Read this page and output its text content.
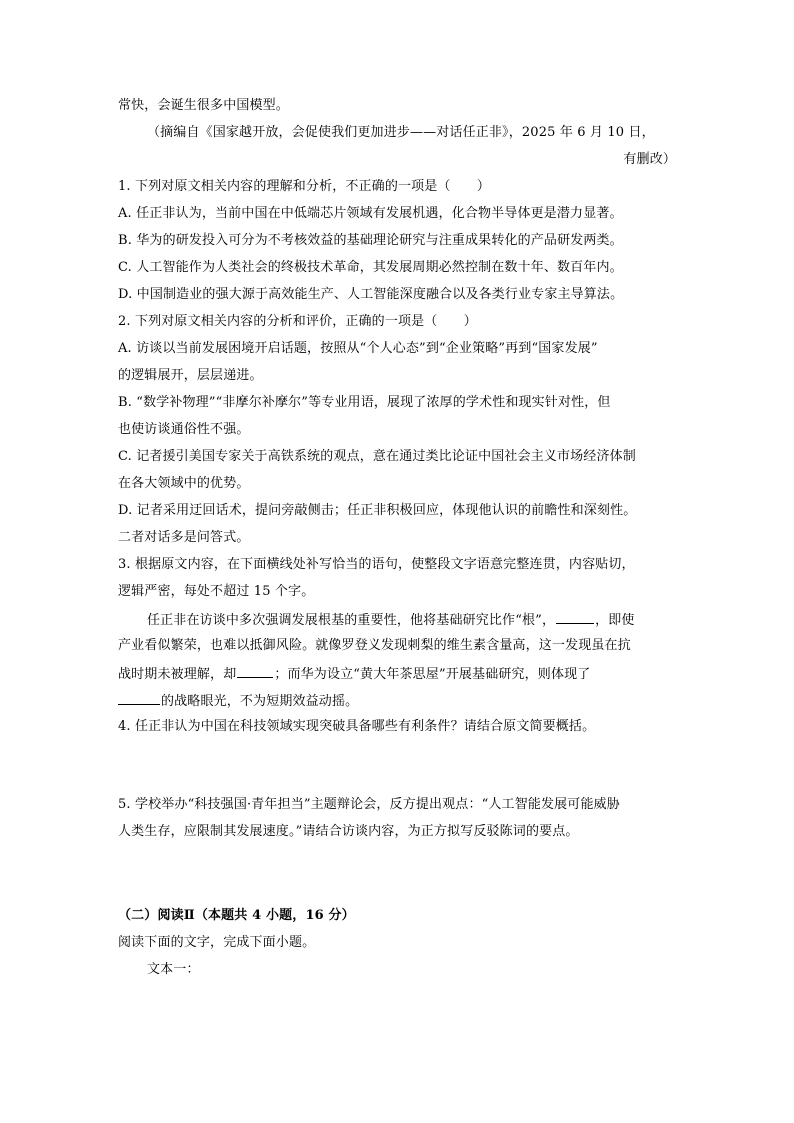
常快，会诞生很多中国模型。
（摘编自《国家越开放，会促使我们更加进步——对话任正非》，2025 年 6 月 10 日，
有删改）
1. 下列对原文相关内容的理解和分析，不正确的一项是（　　）
A. 任正非认为，当前中国在中低端芯片领域有发展机遇，化合物半导体更是潜力显著。
B. 华为的研发投入可分为不考核效益的基础理论研究与注重成果转化的产品研发两类。
C. 人工智能作为人类社会的终极技术革命，其发展周期必然控制在数十年、数百年内。
D. 中国制造业的强大源于高效能生产、人工智能深度融合以及各类行业专家主导算法。
2. 下列对原文相关内容的分析和评价，正确的一项是（　　）
A. 访谈以当前发展困境开启话题，按照从“个人心态”到“企业策略”再到“国家发展”
的逻辑展开，层层递进。
B. “数学补物理”“非摩尔补摩尔”等专业用语，展现了浓厚的学术性和现实针对性，但
也使访谈通俗性不强。
C. 记者援引美国专家关于高铁系统的观点，意在通过类比论证中国社会主义市场经济体制
在各大领域中的优势。
D. 记者采用迂回话术，提问旁敲侧击；任正非积极回应，体现他认识的前瞻性和深刻性。
二者对话多是问答式。
3. 根据原文内容，在下面横线处补写恰当的语句，使整段文字语意完整连贯，内容贴切，
逻辑严密，每处不超过 15 个字。
任正非在访谈中多次强调发展根基的重要性，他将基础研究比作“根”，	，即使
产业看似繁荣，也难以抵御风险。就像罗登义发现刺梨的维生素含量高，这一发现虽在抗
战时期未被理解，却	；而华为设立“黄大年茶思屋”开展基础研究，则体现了
的战略眼光，不为短期效益动摇。
4. 任正非认为中国在科技领域实现突破具备哪些有利条件？请结合原文简要概括。
5. 学校举办“科技强国·青年担当”主题辩论会，反方提出观点：“人工智能发展可能威胁
人类生存，应限制其发展速度。”请结合访谈内容，为正方拟写反驳陈词的要点。
（二）阅读Ⅱ（本题共 4 小题，16 分）
阅读下面的文字，完成下面小题。
文本一：
